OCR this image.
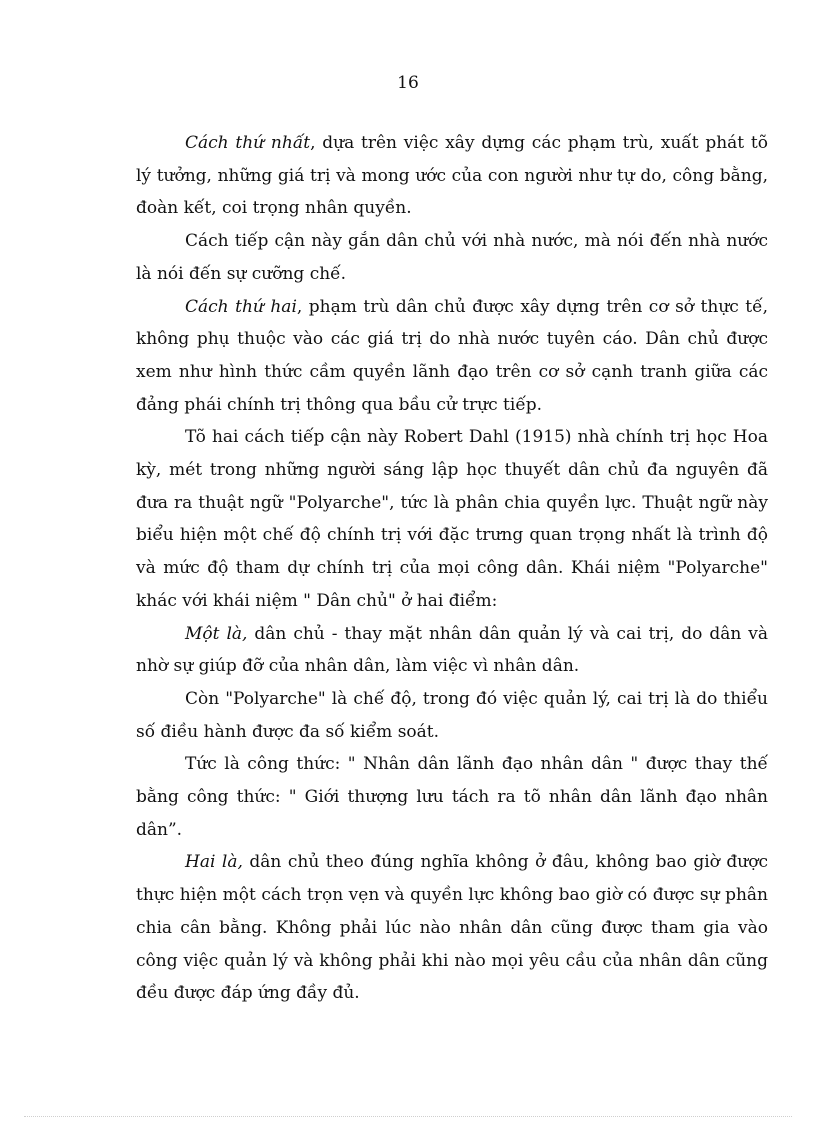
16

Cách thứ nhất, dựa trên việc xây dựng các phạm trù, xuất phát tõ lý tưởng, những giá trị và mong ước của con người như tự do, công bằng, đoàn kết, coi trọng nhân quyền.

Cách tiếp cận này gắn dân chủ với nhà nước, mà nói đến nhà nước là nói đến sự cưỡng chế.

Cách thứ hai, phạm trù dân chủ được xây dựng trên cơ sở thực tế, không phụ thuộc vào các giá trị do nhà nước tuyên cáo. Dân chủ được xem như hình thức cầm quyền lãnh đạo trên cơ sở cạnh tranh giữa các đảng phái chính trị thông qua bầu cử trực tiếp.

Tõ hai cách tiếp cận này Robert Dahl (1915) nhà chính trị học Hoa kỳ, mét trong những người sáng lập học thuyết dân chủ đa nguyên đã đưa ra thuật ngữ "Polyarche", tức là phân chia quyền lực. Thuật ngữ này biểu hiện một chế độ chính trị với đặc trưng quan trọng nhất là trình độ và mức độ tham dự chính trị của mọi công dân. Khái niệm "Polyarche" khác với khái niệm " Dân chủ" ở hai điểm:

Một là, dân chủ - thay mặt nhân dân quản lý và cai trị, do dân và nhờ sự giúp đỡ của nhân dân, làm việc vì nhân dân.

Còn "Polyarche" là chế độ, trong đó việc quản lý, cai trị là do thiểu số điều hành được đa số kiểm soát.

Tức là công thức: " Nhân dân lãnh đạo nhân dân " được thay thế bằng công thức: " Giới thượng lưu tách ra tõ nhân dân lãnh đạo nhân dân”.

Hai là, dân chủ theo đúng nghĩa không ở đâu, không bao giờ được thực hiện một cách trọn vẹn và quyền lực không bao giờ có được sự phân chia cân bằng. Không phải lúc nào nhân dân cũng được tham gia vào công việc quản lý và không phải khi nào mọi yêu cầu của nhân dân cũng đều được đáp ứng đầy đủ.
